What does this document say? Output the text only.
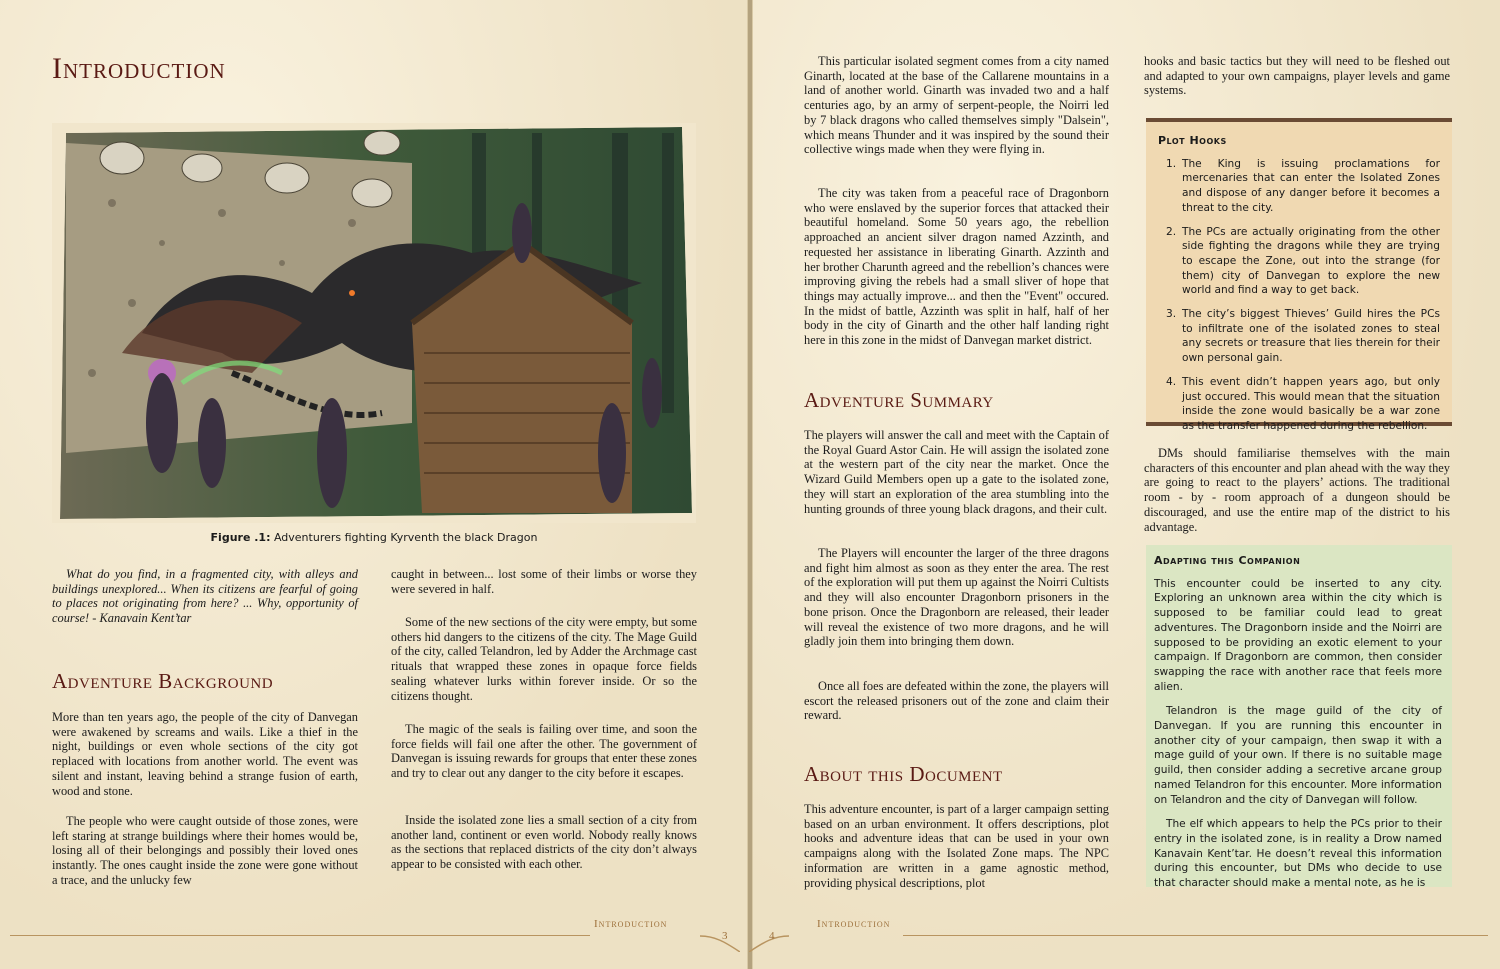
Introduction
Figure .1: Adventurers fighting Kyrventh the black Dragon
What do you find, in a fragmented city, with alleys and buildings unexplored... When its citizens are fearful of going to places not originating from here? ... Why, opportunity of course! - Kanavain Kent’tar
Adventure Background
More than ten years ago, the people of the city of Danvegan were awakened by screams and wails. Like a thief in the night, buildings or even whole sections of the city got replaced with locations from another world. The event was silent and instant, leaving behind a strange fusion of earth, wood and stone.
The people who were caught outside of those zones, were left staring at strange buildings where their homes would be, losing all of their belongings and possibly their loved ones instantly. The ones caught inside the zone were gone without a trace, and the unlucky few
caught in between... lost some of their limbs or worse they were severed in half.
Some of the new sections of the city were empty, but some others hid dangers to the citizens of the city. The Mage Guild of the city, called Telandron, led by Adder the Archmage cast rituals that wrapped these zones in opaque force fields sealing whatever lurks within forever inside. Or so the citizens thought.
The magic of the seals is failing over time, and soon the force fields will fail one after the other. The government of Danvegan is issuing rewards for groups that enter these zones and try to clear out any danger to the city before it escapes.
Inside the isolated zone lies a small section of a city from another land, continent or even world. Nobody really knows as the sections that replaced districts of the city don’t always appear to be consisted with each other.
Introduction
3
This particular isolated segment comes from a city named Ginarth, located at the base of the Callarene mountains in a land of another world. Ginarth was invaded two and a half centuries ago, by an army of serpent-people, the Noirri led by 7 black dragons who called themselves simply "Dalsein", which means Thunder and it was inspired by the sound their collective wings made when they were flying in.
The city was taken from a peaceful race of Dragonborn who were enslaved by the superior forces that attacked their beautiful homeland. Some 50 years ago, the rebellion approached an ancient silver dragon named Azzinth, and requested her assistance in liberating Ginarth. Azzinth and her brother Charunth agreed and the rebellion’s chances were improving giving the rebels had a small sliver of hope that things may actually improve... and then the "Event" occured. In the midst of battle, Azzinth was split in half, half of her body in the city of Ginarth and the other half landing right here in this zone in the midst of Danvegan market district.
Adventure Summary
The players will answer the call and meet with the Captain of the Royal Guard Astor Cain. He will assign the isolated zone at the western part of the city near the market. Once the Wizard Guild Members open up a gate to the isolated zone, they will start an exploration of the area stumbling into the hunting grounds of three young black dragons, and their cult.
The Players will encounter the larger of the three dragons and fight him almost as soon as they enter the area. The rest of the exploration will put them up against the Noirri Cultists and they will also encounter Dragonborn prisoners in the bone prison. Once the Dragonborn are released, their leader will reveal the existence of two more dragons, and he will gladly join them into bringing them down.
Once all foes are defeated within the zone, the players will escort the released prisoners out of the zone and claim their reward.
About this Document
This adventure encounter, is part of a larger campaign setting based on an urban environment. It offers descriptions, plot hooks and adventure ideas that can be used in your own campaigns along with the Isolated Zone maps. The NPC information are written in a game agnostic method, providing physical descriptions, plot
hooks and basic tactics but they will need to be fleshed out and adapted to your own campaigns, player levels and game systems.
Plot Hooks
1. The King is issuing proclamations for mercenaries that can enter the Isolated Zones and dispose of any danger before it becomes a threat to the city.
2. The PCs are actually originating from the other side fighting the dragons while they are trying to escape the Zone, out into the strange (for them) city of Danvegan to explore the new world and find a way to get back.
3. The city’s biggest Thieves’ Guild hires the PCs to infiltrate one of the isolated zones to steal any secrets or treasure that lies therein for their own personal gain.
4. This event didn’t happen years ago, but only just occured. This would mean that the situation inside the zone would basically be a war zone as the transfer happened during the rebellion.
DMs should familiarise themselves with the main characters of this encounter and plan ahead with the way they are going to react to the players’ actions. The traditional room - by - room approach of a dungeon should be discouraged, and use the entire map of the district to his advantage.
Adapting this Companion
This encounter could be inserted to any city. Exploring an unknown area within the city which is supposed to be familiar could lead to great adventures. The Dragonborn inside and the Noirri are supposed to be providing an exotic element to your campaign. If Dragonborn are common, then consider swapping the race with another race that feels more alien.
Telandron is the mage guild of the city of Danvegan. If you are running this encounter in another city of your campaign, then swap it with a mage guild of your own. If there is no suitable mage guild, then consider adding a secretive arcane group named Telandron for this encounter. More information on Telandron and the city of Danvegan will follow.
The elf which appears to help the PCs prior to their entry in the isolated zone, is in reality a Drow named Kanavain Kent’tar. He doesn’t reveal this information during this encounter, but DMs who decide to use that character should make a mental note, as he is
4
Introduction
